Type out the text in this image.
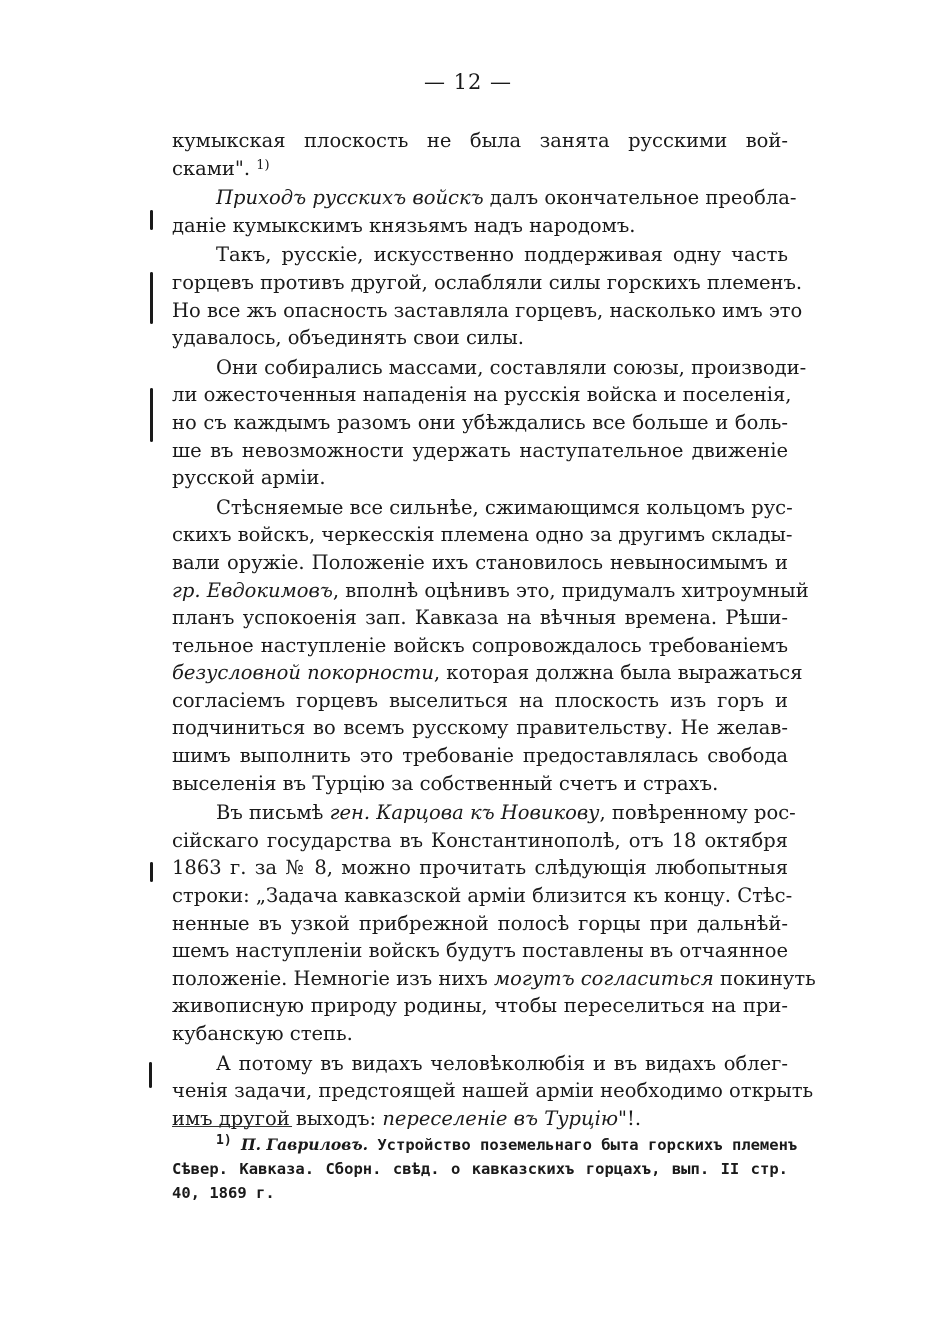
— 12 —
кумыкская плоскость не была занята русскими вой-
сками". $^{1)}$
Приходъ русскихъ войскъ далъ окончательное преобла-
даніе кумыкскимъ князьямъ надъ народомъ.
Такъ, русскіе, искусственно поддерживая одну часть
горцевъ противъ другой, ослабляли силы горскихъ племенъ.
Но все жъ опасность заставляла горцевъ, насколько имъ это
удавалось, объединять свои силы.
Они собирались массами, составляли союзы, производи-
ли ожесточенныя нападенія на русскія войска и поселенія,
но съ каждымъ разомъ они убѣждались все больше и боль-
ше въ невозможности удержать наступательное движеніе
русской арміи.
Стѣсняемые все сильнѣе, сжимающимся кольцомъ рус-
скихъ войскъ, черкесскія племена одно за другимъ склады-
вали оружіе. Положеніе ихъ становилось невыносимымъ и
гр. Евдокимовъ, вполнѣ оцѣнивъ это, придумалъ хитроумный
планъ успокоенія зап. Кавказа на вѣчныя времена. Рѣши-
тельное наступленіе войскъ сопровождалось требованіемъ
безусловной покорности, которая должна была выражаться
согласіемъ горцевъ выселиться на плоскость изъ горъ и
подчиниться во всемъ русскому правительству. Не желав-
шимъ выполнить это требованіе предоставлялась свобода
выселенія въ Турцію за собственный счетъ и страхъ.
Въ письмѣ ген. Карцова къ Новикову, повѣренному рос-
сійскаго государства въ Константинополѣ, отъ 18 октября
1863 г. за № 8, можно прочитать слѣдующія любопытныя
строки: „Задача кавказской арміи близится къ концу. Стѣс-
ненные въ узкой прибрежной полосѣ горцы при дальнѣй-
шемъ наступленіи войскъ будутъ поставлены въ отчаянное
положеніе. Немногіе изъ нихъ могутъ согласиться покинуть
живописную природу родины, чтобы переселиться на при-
кубанскую степь.
А потому въ видахъ человѣколюбія и въ видахъ облег-
ченія задачи, предстоящей нашей арміи необходимо открыть
имъ другой выходъ: переселеніе въ Турцію"!.
$^{1)}$ П. Гавриловъ. Устройство поземельнаго быта горскихъ племенъ
Сѣвер. Кавказа. Сборн. свѣд. о кавказскихъ горцахъ, вып. II стр.
40, 1869 г.
